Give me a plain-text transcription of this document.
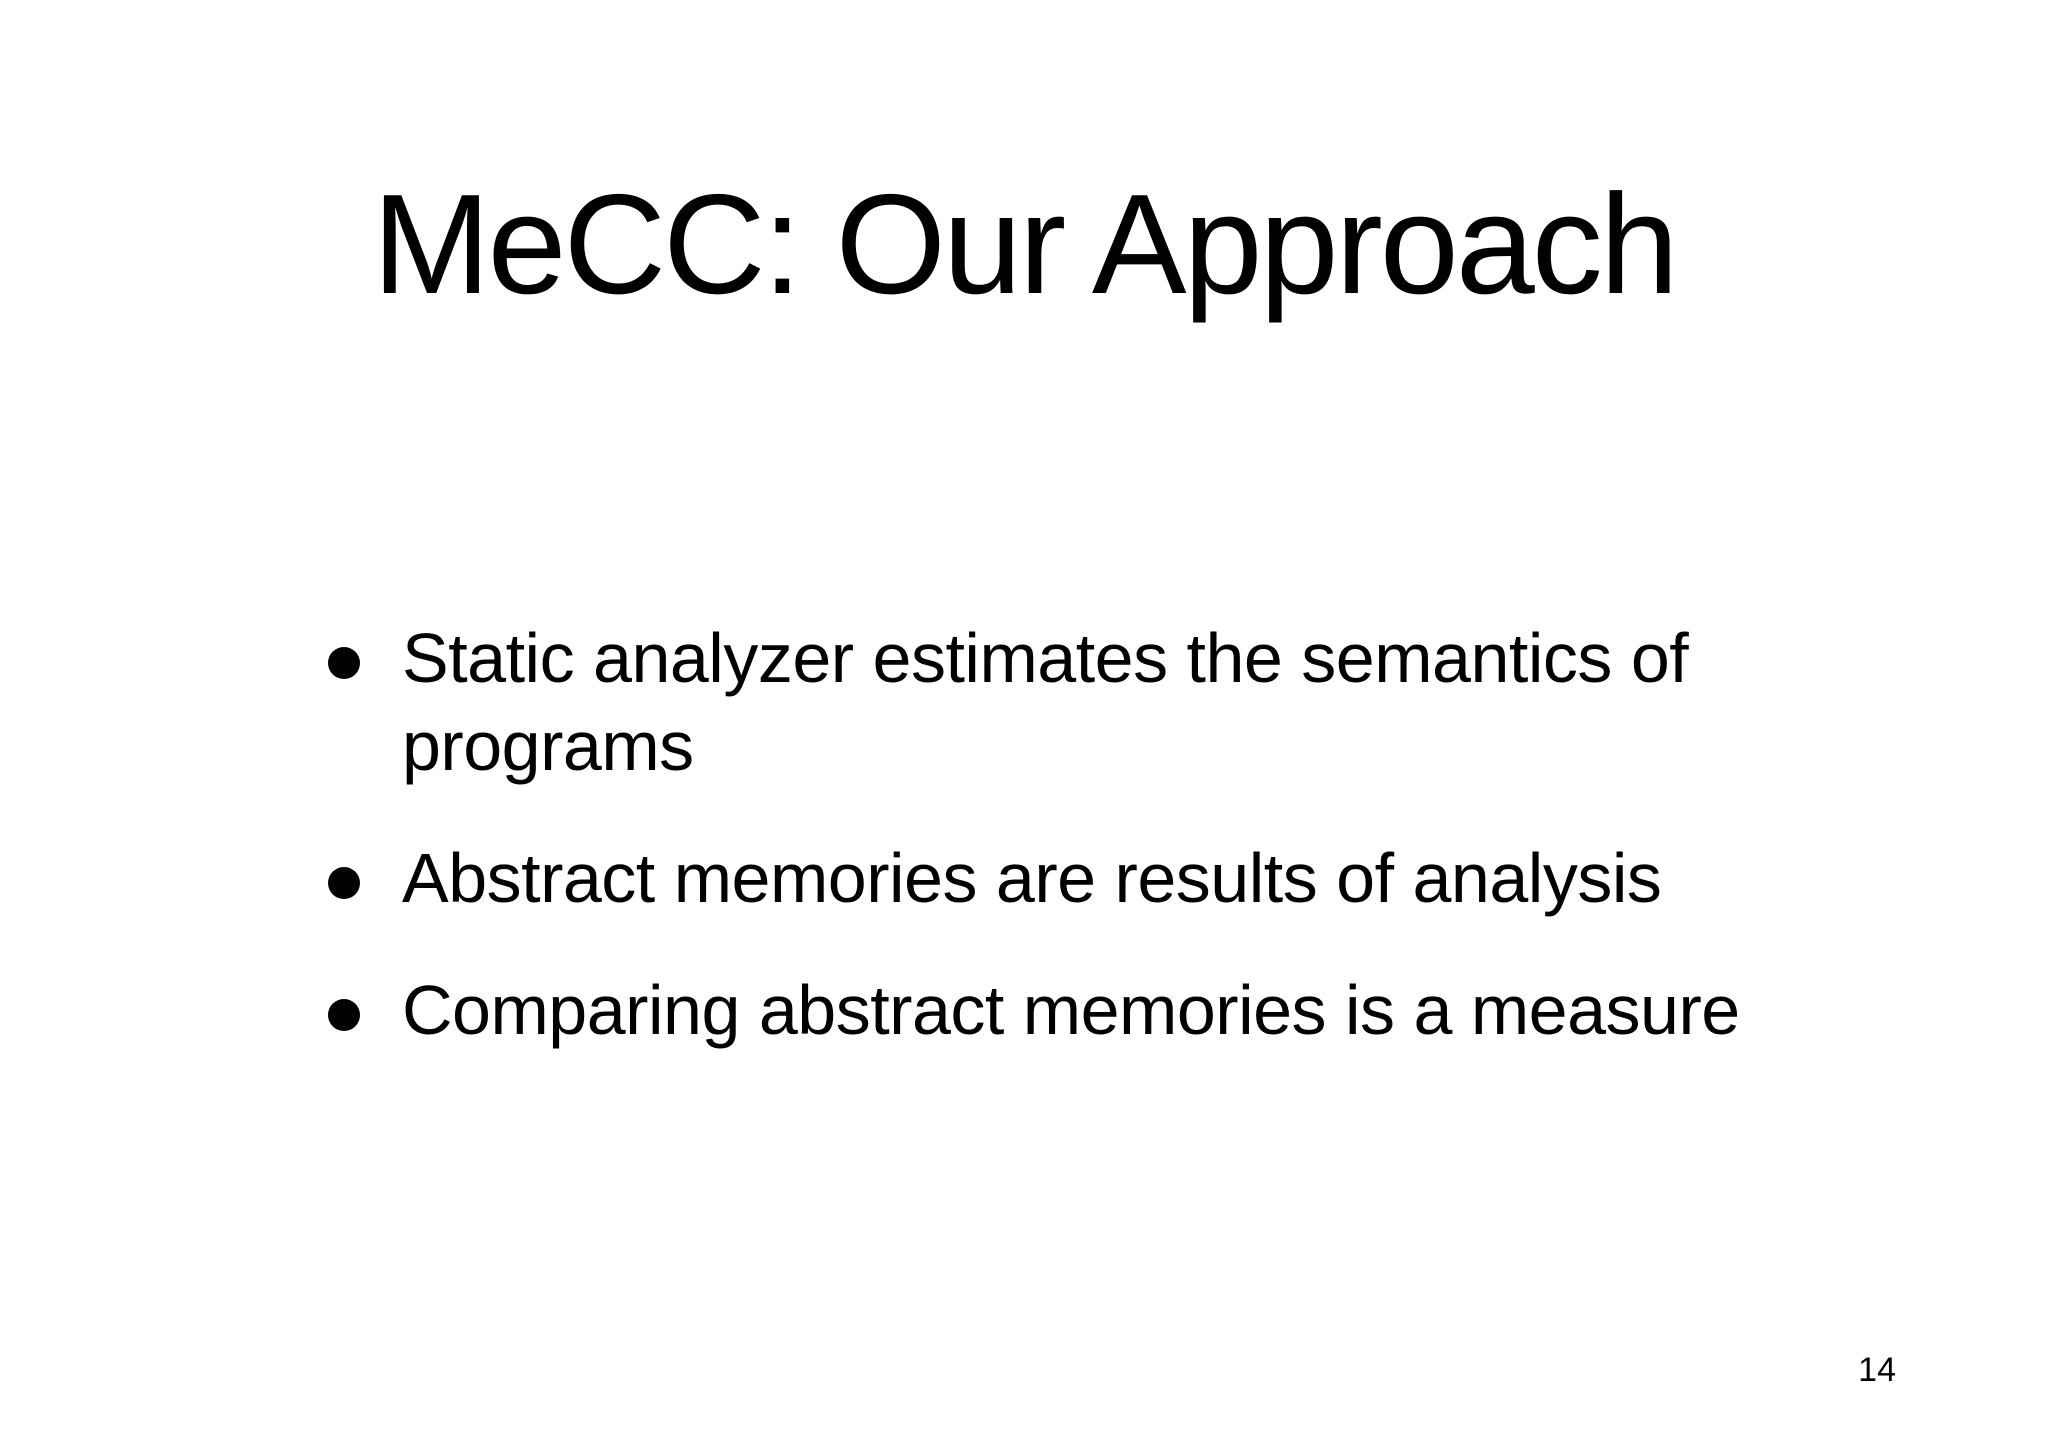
MeCC: Our Approach
Static analyzer estimates the semantics of programs
Abstract memories are results of analysis
Comparing abstract memories is a measure
14
